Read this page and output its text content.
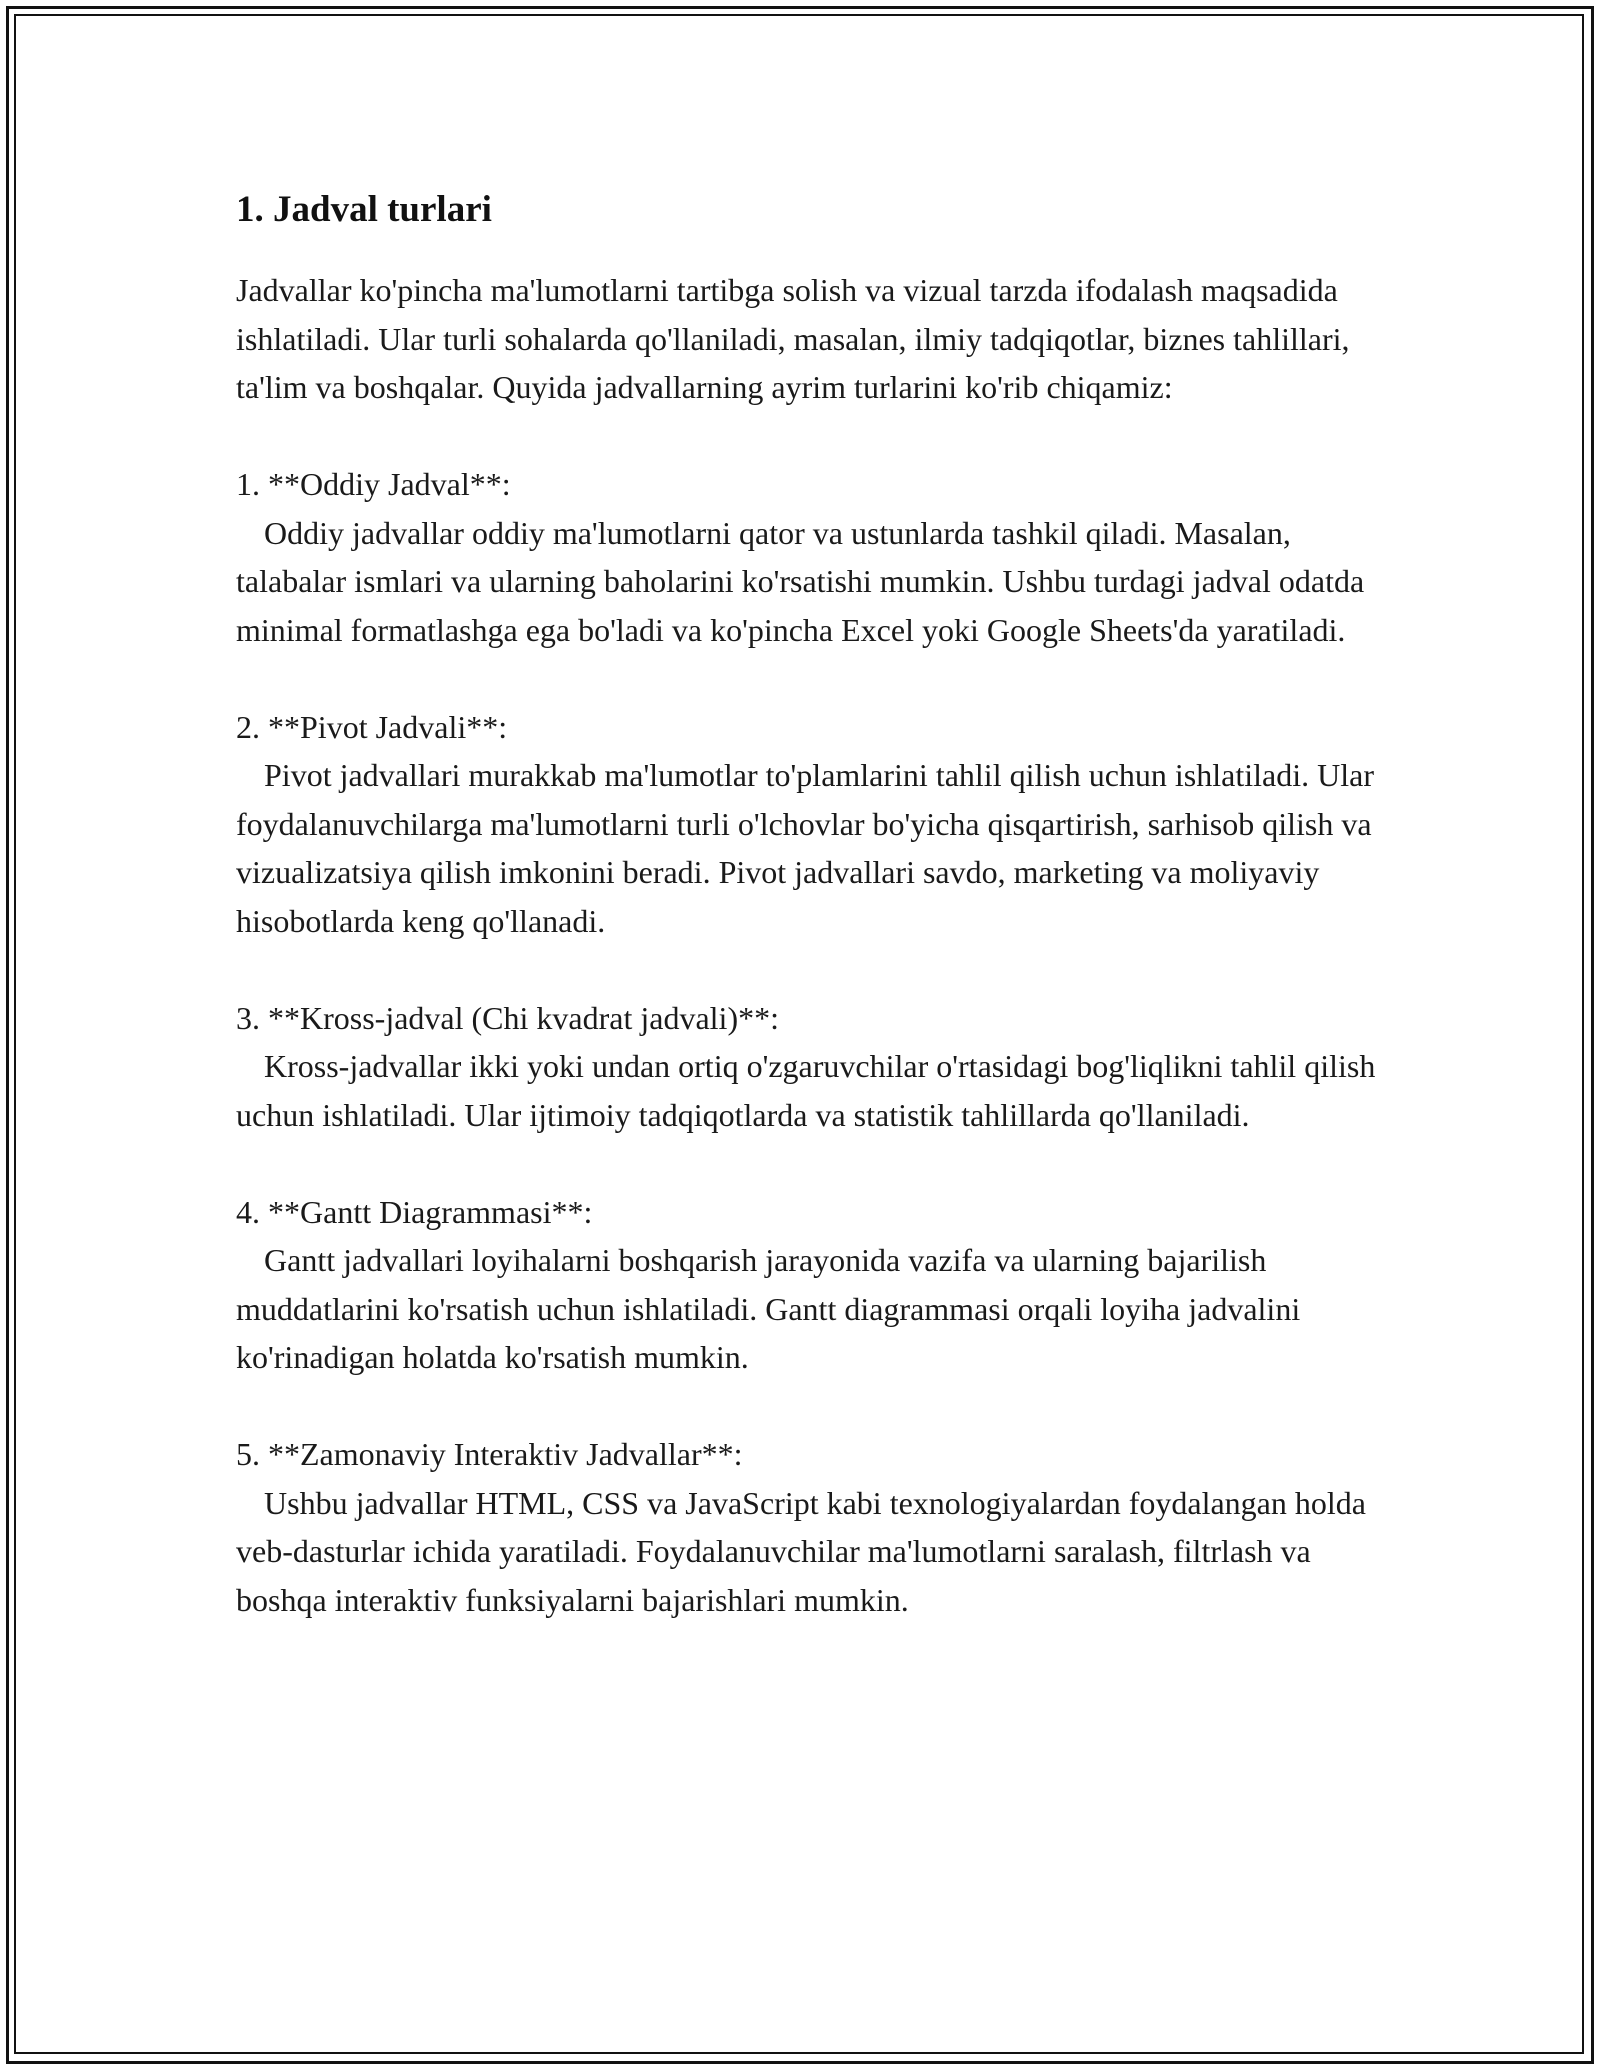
1. Jadval turlari

Jadvallar ko'pincha ma'lumotlarni tartibga solish va vizual tarzda ifodalash maqsadida ishlatiladi. Ular turli sohalarda qo'llaniladi, masalan, ilmiy tadqiqotlar, biznes tahlillari, ta'lim va boshqalar. Quyida jadvallarning ayrim turlarini ko'rib chiqamiz:

1. **Oddiy Jadval**:

Oddiy jadvallar oddiy ma'lumotlarni qator va ustunlarda tashkil qiladi. Masalan, talabalar ismlari va ularning baholarini ko'rsatishi mumkin. Ushbu turdagi jadval odatda minimal formatlashga ega bo'ladi va ko'pincha Excel yoki Google Sheets'da yaratiladi.

2. **Pivot Jadvali**:

Pivot jadvallari murakkab ma'lumotlar to'plamlarini tahlil qilish uchun ishlatiladi. Ular foydalanuvchilarga ma'lumotlarni turli o'lchovlar bo'yicha qisqartirish, sarhisob qilish va vizualizatsiya qilish imkonini beradi. Pivot jadvallari savdo, marketing va moliyaviy hisobotlarda keng qo'llanadi.

3. **Kross-jadval (Chi kvadrat jadvali)**:

Kross-jadvallar ikki yoki undan ortiq o'zgaruvchilar o'rtasidagi bog'liqlikni tahlil qilish uchun ishlatiladi. Ular ijtimoiy tadqiqotlarda va statistik tahlillarda qo'llaniladi.

4. **Gantt Diagrammasi**:

Gantt jadvallari loyihalarni boshqarish jarayonida vazifa va ularning bajarilish muddatlarini ko'rsatish uchun ishlatiladi. Gantt diagrammasi orqali loyiha jadvalini ko'rinadigan holatda ko'rsatish mumkin.

5. **Zamonaviy Interaktiv Jadvallar**:

Ushbu jadvallar HTML, CSS va JavaScript kabi texnologiyalardan foydalangan holda veb-dasturlar ichida yaratiladi. Foydalanuvchilar ma'lumotlarni saralash, filtrlash va boshqa interaktiv funksiyalarni bajarishlari mumkin.
